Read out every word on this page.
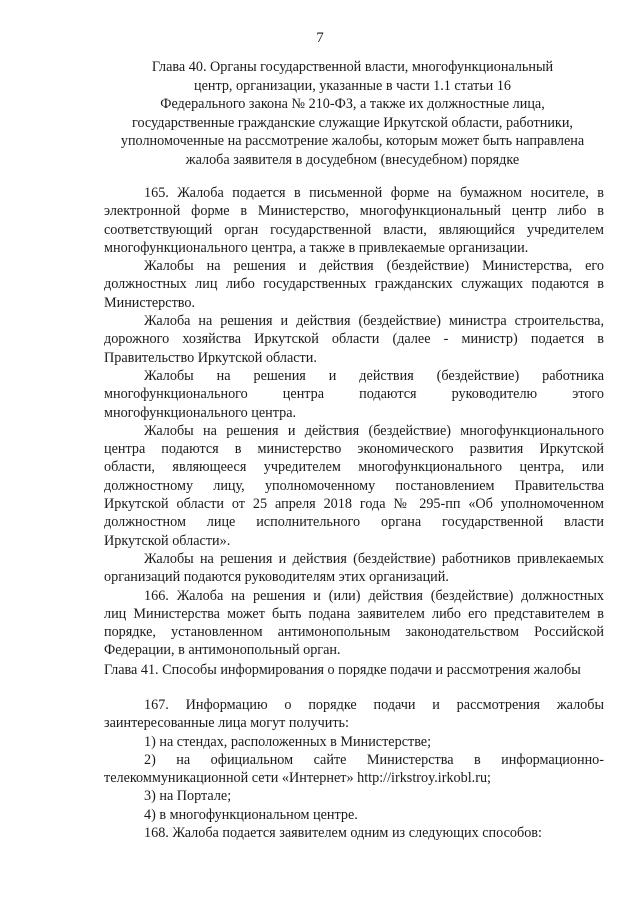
7
Глава 40. Органы государственной власти, многофункциональный
центр, организации, указанные в части 1.1 статьи 16
Федерального закона № 210-ФЗ, а также их должностные лица,
государственные гражданские служащие Иркутской области, работники,
уполномоченные на рассмотрение жалобы, которым может быть направлена
жалоба заявителя в досудебном (внесудебном) порядке

165. Жалоба подается в письменной форме на бумажном носителе, в
электронной форме в Министерство, многофункциональный центр либо в
соответствующий орган государственной власти, являющийся учредителем
многофункционального центра, а также в привлекаемые организации.

Жалобы на решения и действия (бездействие) Министерства, его
должностных лиц либо государственных гражданских служащих подаются в
Министерство.

Жалоба на решения и действия (бездействие) министра строительства,
дорожного хозяйства Иркутской области (далее - министр) подается в
Правительство Иркутской области.

Жалобы на решения и действия (бездействие) работника
многофункционального центра подаются руководителю этого
многофункционального центра.

Жалобы на решения и действия (бездействие) многофункционального
центра подаются в министерство экономического развития Иркутской
области, являющееся учредителем многофункционального центра, или
должностному лицу, уполномоченному постановлением Правительства
Иркутской области от 25 апреля 2018 года № 295-пп «Об уполномоченном
должностном лице исполнительного органа государственной власти
Иркутской области».

Жалобы на решения и действия (бездействие) работников привлекаемых
организаций подаются руководителям этих организаций.

166. Жалоба на решения и (или) действия (бездействие) должностных
лиц Министерства может быть подана заявителем либо его представителем в
порядке, установленном антимонопольным законодательством Российской
Федерации, в антимонопольный орган.

Глава 41. Способы информирования о порядке подачи и рассмотрения жалобы

167. Информацию о порядке подачи и рассмотрения жалобы
заинтересованные лица могут получить:

1) на стендах, расположенных в Министерстве;

2) на официальном сайте Министерства в информационно-
телекоммуникационной сети «Интернет» http://irkstroy.irkobl.ru;

3) на Портале;

4) в многофункциональном центре.

168. Жалоба подается заявителем одним из следующих способов:
